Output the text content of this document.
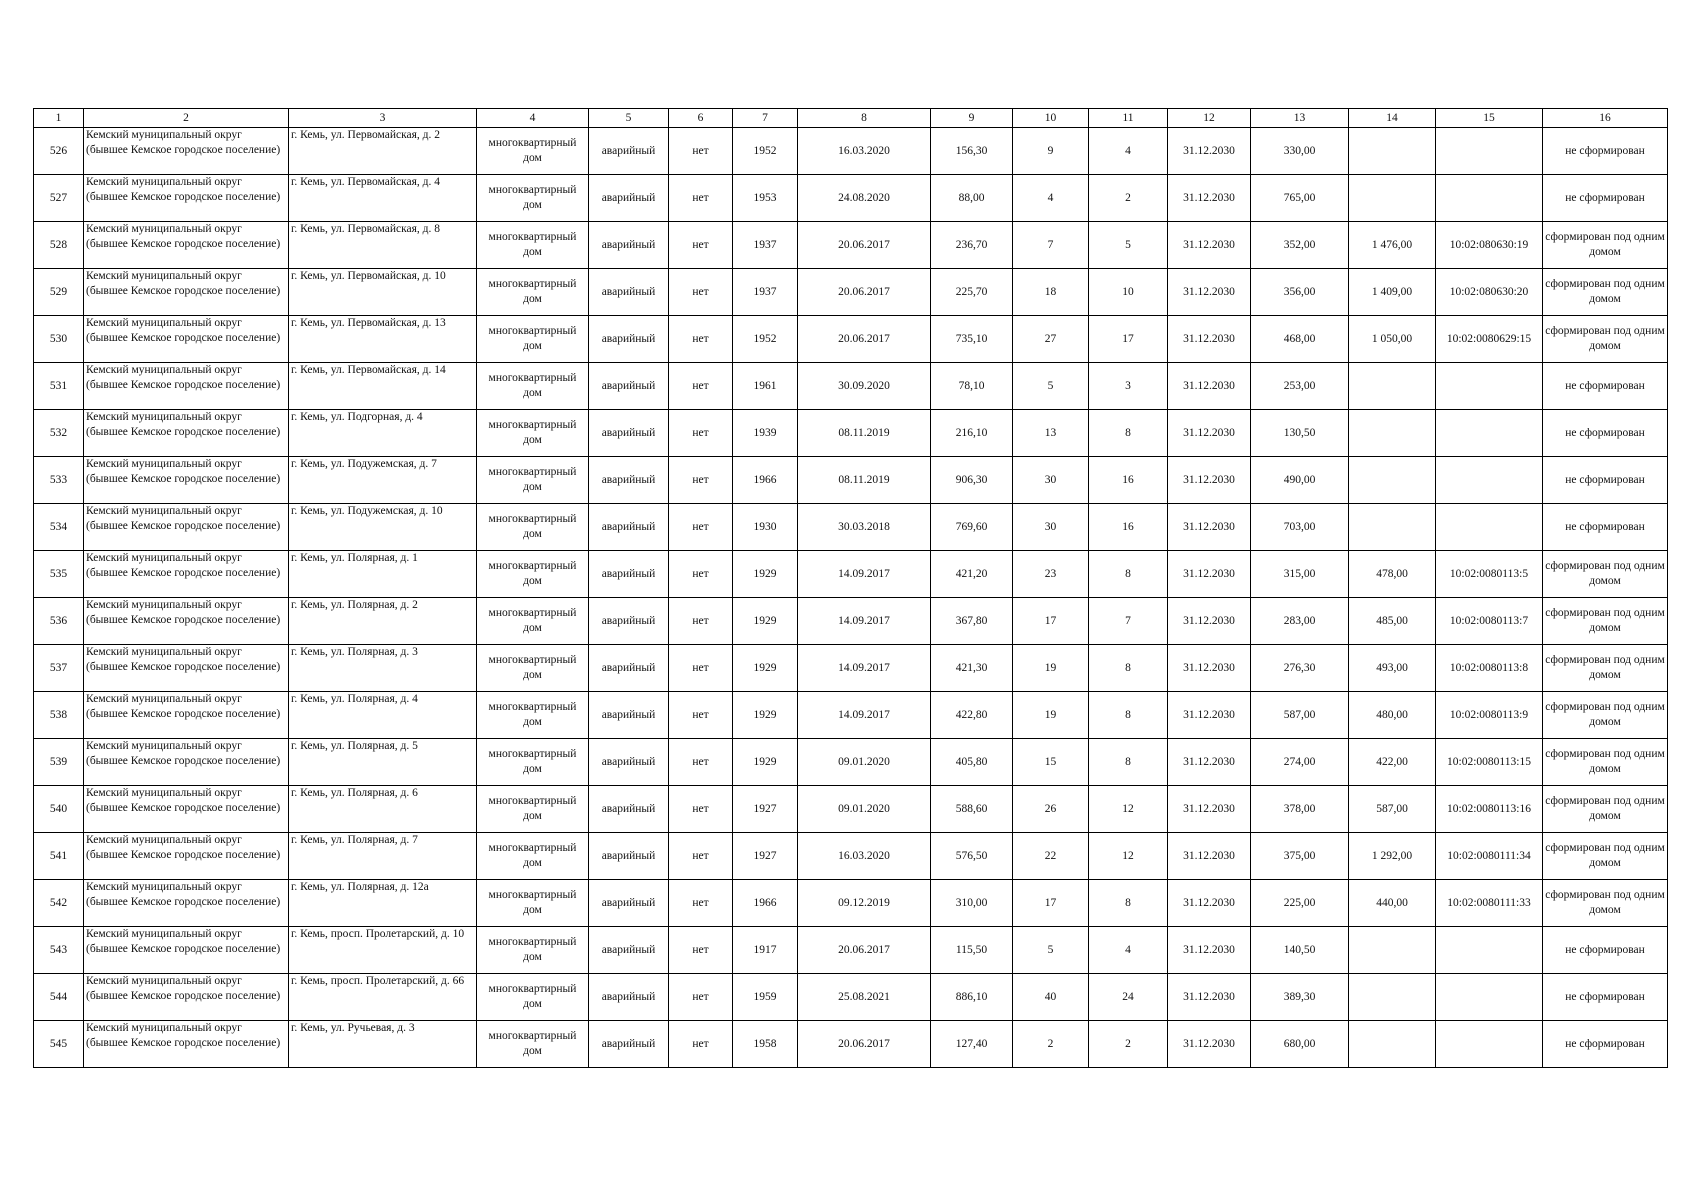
1	2	3	4	5	6	7	8	9	10	11	12	13	14	15	16
526	Кемский муниципальный округ (бывшее Кемское городское поселение)	г. Кемь, ул. Первомайская, д. 2	многоквартирный дом	аварийный	нет	1952	16.03.2020	156,30	9	4	31.12.2030	330,00			не сформирован
527	Кемский муниципальный округ (бывшее Кемское городское поселение)	г. Кемь, ул. Первомайская, д. 4	многоквартирный дом	аварийный	нет	1953	24.08.2020	88,00	4	2	31.12.2030	765,00			не сформирован
528	Кемский муниципальный округ (бывшее Кемское городское поселение)	г. Кемь, ул. Первомайская, д. 8	многоквартирный дом	аварийный	нет	1937	20.06.2017	236,70	7	5	31.12.2030	352,00	1 476,00	10:02:080630:19	сформирован под одним домом
529	Кемский муниципальный округ (бывшее Кемское городское поселение)	г. Кемь, ул. Первомайская, д. 10	многоквартирный дом	аварийный	нет	1937	20.06.2017	225,70	18	10	31.12.2030	356,00	1 409,00	10:02:080630:20	сформирован под одним домом
530	Кемский муниципальный округ (бывшее Кемское городское поселение)	г. Кемь, ул. Первомайская, д. 13	многоквартирный дом	аварийный	нет	1952	20.06.2017	735,10	27	17	31.12.2030	468,00	1 050,00	10:02:0080629:15	сформирован под одним домом
531	Кемский муниципальный округ (бывшее Кемское городское поселение)	г. Кемь, ул. Первомайская, д. 14	многоквартирный дом	аварийный	нет	1961	30.09.2020	78,10	5	3	31.12.2030	253,00			не сформирован
532	Кемский муниципальный округ (бывшее Кемское городское поселение)	г. Кемь, ул. Подгорная, д. 4	многоквартирный дом	аварийный	нет	1939	08.11.2019	216,10	13	8	31.12.2030	130,50			не сформирован
533	Кемский муниципальный округ (бывшее Кемское городское поселение)	г. Кемь, ул. Подужемская, д. 7	многоквартирный дом	аварийный	нет	1966	08.11.2019	906,30	30	16	31.12.2030	490,00			не сформирован
534	Кемский муниципальный округ (бывшее Кемское городское поселение)	г. Кемь, ул. Подужемская, д. 10	многоквартирный дом	аварийный	нет	1930	30.03.2018	769,60	30	16	31.12.2030	703,00			не сформирован
535	Кемский муниципальный округ (бывшее Кемское городское поселение)	г. Кемь, ул. Полярная, д. 1	многоквартирный дом	аварийный	нет	1929	14.09.2017	421,20	23	8	31.12.2030	315,00	478,00	10:02:0080113:5	сформирован под одним домом
536	Кемский муниципальный округ (бывшее Кемское городское поселение)	г. Кемь, ул. Полярная, д. 2	многоквартирный дом	аварийный	нет	1929	14.09.2017	367,80	17	7	31.12.2030	283,00	485,00	10:02:0080113:7	сформирован под одним домом
537	Кемский муниципальный округ (бывшее Кемское городское поселение)	г. Кемь, ул. Полярная, д. 3	многоквартирный дом	аварийный	нет	1929	14.09.2017	421,30	19	8	31.12.2030	276,30	493,00	10:02:0080113:8	сформирован под одним домом
538	Кемский муниципальный округ (бывшее Кемское городское поселение)	г. Кемь, ул. Полярная, д. 4	многоквартирный дом	аварийный	нет	1929	14.09.2017	422,80	19	8	31.12.2030	587,00	480,00	10:02:0080113:9	сформирован под одним домом
539	Кемский муниципальный округ (бывшее Кемское городское поселение)	г. Кемь, ул. Полярная, д. 5	многоквартирный дом	аварийный	нет	1929	09.01.2020	405,80	15	8	31.12.2030	274,00	422,00	10:02:0080113:15	сформирован под одним домом
540	Кемский муниципальный округ (бывшее Кемское городское поселение)	г. Кемь, ул. Полярная, д. 6	многоквартирный дом	аварийный	нет	1927	09.01.2020	588,60	26	12	31.12.2030	378,00	587,00	10:02:0080113:16	сформирован под одним домом
541	Кемский муниципальный округ (бывшее Кемское городское поселение)	г. Кемь, ул. Полярная, д. 7	многоквартирный дом	аварийный	нет	1927	16.03.2020	576,50	22	12	31.12.2030	375,00	1 292,00	10:02:0080111:34	сформирован под одним домом
542	Кемский муниципальный округ (бывшее Кемское городское поселение)	г. Кемь, ул. Полярная, д. 12а	многоквартирный дом	аварийный	нет	1966	09.12.2019	310,00	17	8	31.12.2030	225,00	440,00	10:02:0080111:33	сформирован под одним домом
543	Кемский муниципальный округ (бывшее Кемское городское поселение)	г. Кемь, просп. Пролетарский, д. 10	многоквартирный дом	аварийный	нет	1917	20.06.2017	115,50	5	4	31.12.2030	140,50			не сформирован
544	Кемский муниципальный округ (бывшее Кемское городское поселение)	г. Кемь, просп. Пролетарский, д. 66	многоквартирный дом	аварийный	нет	1959	25.08.2021	886,10	40	24	31.12.2030	389,30			не сформирован
545	Кемский муниципальный округ (бывшее Кемское городское поселение)	г. Кемь, ул. Ручьевая, д. 3	многоквартирный дом	аварийный	нет	1958	20.06.2017	127,40	2	2	31.12.2030	680,00			не сформирован
